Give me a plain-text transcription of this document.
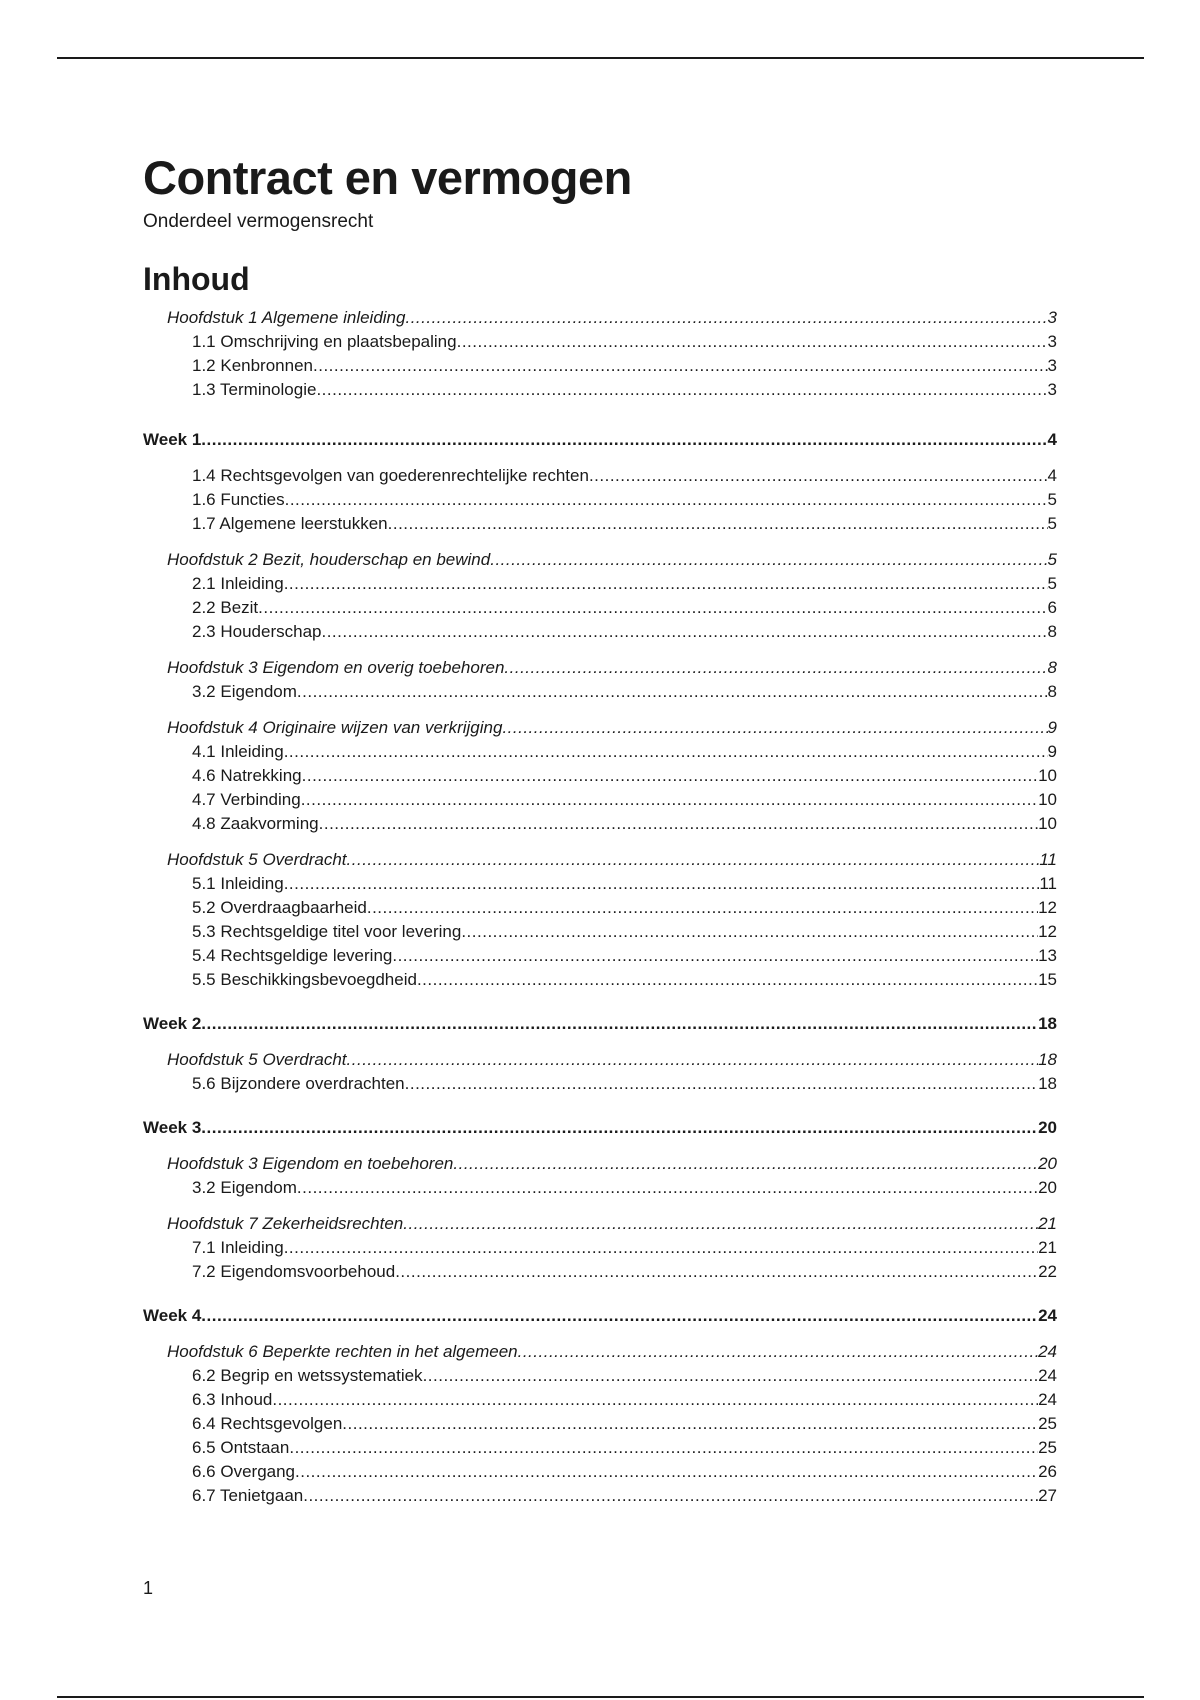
Contract en vermogen

Onderdeel vermogensrecht

Inhoud
Hoofdstuk 1 Algemene inleiding .....	3
1.1 Omschrijving en plaatsbepaling .....	3
1.2 Kenbronnen .....	3
1.3 Terminologie .....	3
Week 1 .....	4
1.4 Rechtsgevolgen van goederenrechtelijke rechten .....	4
1.6 Functies .....	5
1.7 Algemene leerstukken .....	5
Hoofdstuk 2 Bezit, houderschap en bewind .....	5
2.1 Inleiding .....	5
2.2 Bezit .....	6
2.3 Houderschap .....	8
Hoofdstuk 3 Eigendom en overig toebehoren .....	8
3.2 Eigendom .....	8
Hoofdstuk 4 Originaire wijzen van verkrijging .....	9
4.1 Inleiding .....	9
4.6 Natrekking .....	10
4.7 Verbinding .....	10
4.8 Zaakvorming .....	10
Hoofdstuk 5 Overdracht .....	11
5.1 Inleiding .....	11
5.2 Overdraagbaarheid .....	12
5.3 Rechtsgeldige titel voor levering .....	12
5.4 Rechtsgeldige levering .....	13
5.5 Beschikkingsbevoegdheid .....	15
Week 2 .....	18
Hoofdstuk 5 Overdracht .....	18
5.6 Bijzondere overdrachten .....	18
Week 3 .....	20
Hoofdstuk 3 Eigendom en toebehoren .....	20
3.2 Eigendom .....	20
Hoofdstuk 7 Zekerheidsrechten .....	21
7.1 Inleiding .....	21
7.2 Eigendomsvoorbehoud .....	22
Week 4 .....	24
Hoofdstuk 6 Beperkte rechten in het algemeen .....	24
6.2 Begrip en wetssystematiek .....	24
6.3 Inhoud .....	24
6.4 Rechtsgevolgen .....	25
6.5 Ontstaan .....	25
6.6 Overgang .....	26
6.7 Tenietgaan .....	27
1
